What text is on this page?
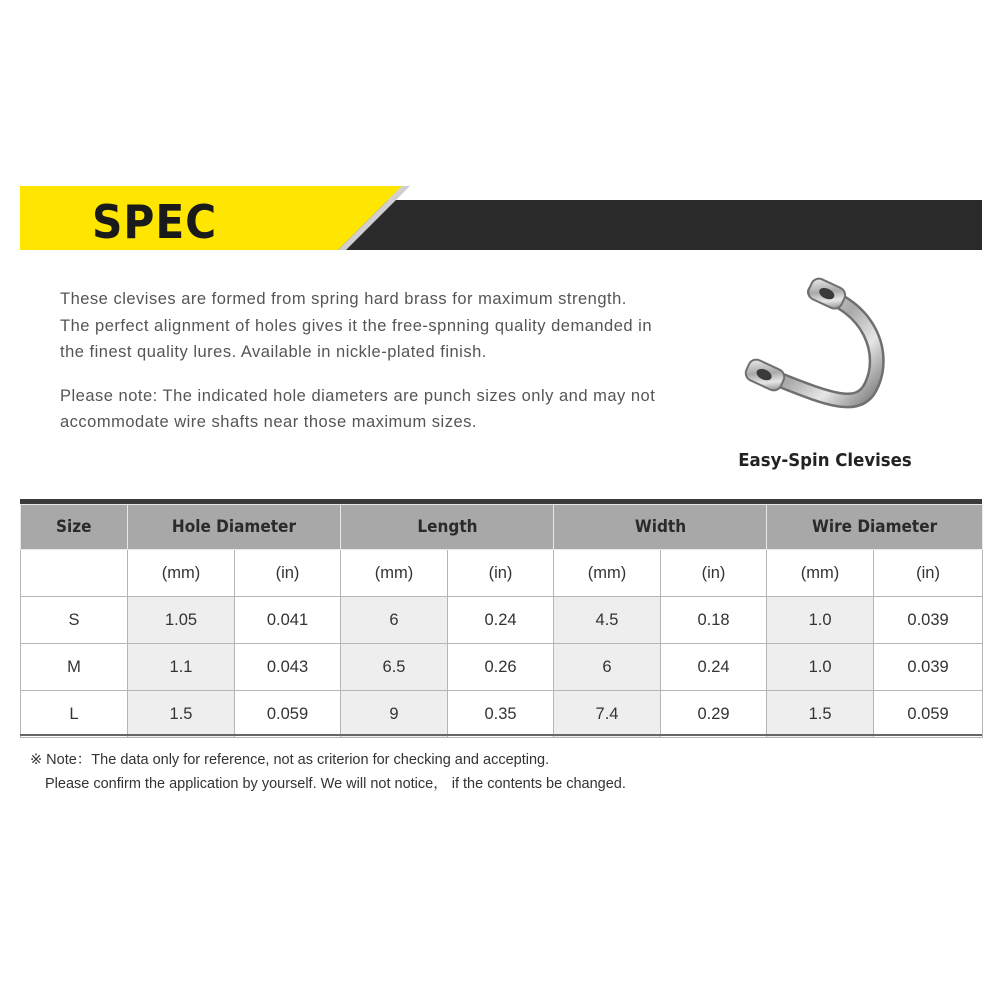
SPEC

These clevises are formed from spring hard brass for maximum strength. The perfect alignment of holes gives it the free-spnning quality demanded in the finest quality lures. Available in nickle-plated finish.

Please note: The indicated hole diameters are punch sizes only and may not accommodate wire shafts near those maximum sizes.

Easy-Spin Clevises
Size	Hole Diameter		Length		Width		Wire Diameter	
	(mm)	(in)	(mm)	(in)	(mm)	(in)	(mm)	(in)
S	1.05	0.041	6	0.24	4.5	0.18	1.0	0.039
M	1.1	0.043	6.5	0.26	6	0.24	1.0	0.039
L	1.5	0.059	9	0.35	7.4	0.29	1.5	0.059
※ Note：The data only for reference, not as criterion for checking and accepting.
Please confirm the application by yourself. We will not notice， if the contents be changed.
